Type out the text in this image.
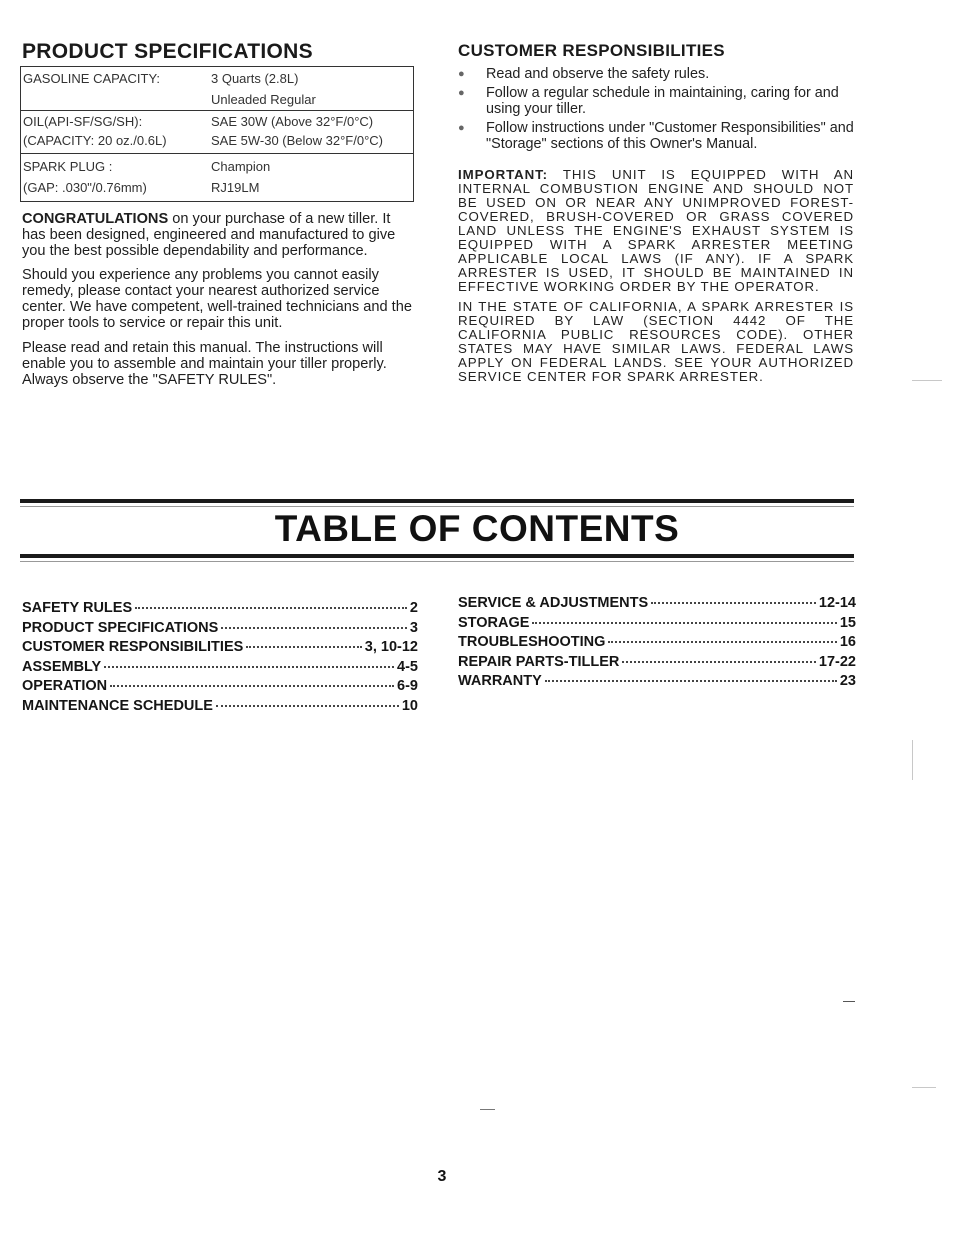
PRODUCT SPECIFICATIONS
GASOLINE CAPACITY:	3 Quarts (2.8L)
Unleaded Regular
OIL(API-SF/SG/SH):	SAE 30W (Above 32°F/0°C)
(CAPACITY: 20 oz./0.6L)	SAE 5W-30 (Below 32°F/0°C)
SPARK PLUG :	Champion
(GAP: .030"/0.76mm)	RJ19LM
CONGRATULATIONS on your purchase of a new tiller. It has been designed, engineered and manufactured to give you the best possible dependability and performance.
Should you experience any problems you cannot easily remedy, please contact your nearest authorized service center. We have competent, well-trained technicians and the proper tools to service or repair this unit.
Please read and retain this manual. The instructions will enable you to assemble and maintain your tiller properly. Always observe the "SAFETY RULES".
CUSTOMER RESPONSIBILITIES
● Read and observe the safety rules.
● Follow a regular schedule in maintaining, caring for and using your tiller.
● Follow instructions under "Customer Responsibilities" and "Storage" sections of this Owner's Manual.
IMPORTANT: THIS UNIT IS EQUIPPED WITH AN INTERNAL COMBUSTION ENGINE AND SHOULD NOT BE USED ON OR NEAR ANY UNIMPROVED FOREST-COVERED, BRUSH-COVERED OR GRASS COVERED LAND UNLESS THE ENGINE'S EXHAUST SYSTEM IS EQUIPPED WITH A SPARK ARRESTER MEETING APPLICABLE LOCAL LAWS (IF ANY). IF A SPARK ARRESTER IS USED, IT SHOULD BE MAINTAINED IN EFFECTIVE WORKING ORDER BY THE OPERATOR.
IN THE STATE OF CALIFORNIA, A SPARK ARRESTER IS REQUIRED BY LAW (SECTION 4442 OF THE CALIFORNIA PUBLIC RESOURCES CODE). OTHER STATES MAY HAVE SIMILAR LAWS. FEDERAL LAWS APPLY ON FEDERAL LANDS. SEE YOUR AUTHORIZED SERVICE CENTER FOR SPARK ARRESTER.
TABLE OF CONTENTS
SAFETY RULES	2
PRODUCT SPECIFICATIONS	3
CUSTOMER RESPONSIBILITIES	3, 10-12
ASSEMBLY	4-5
OPERATION	6-9
MAINTENANCE SCHEDULE	10
SERVICE & ADJUSTMENTS	12-14
STORAGE	15
TROUBLESHOOTING	16
REPAIR PARTS-TILLER	17-22
WARRANTY	23
3
